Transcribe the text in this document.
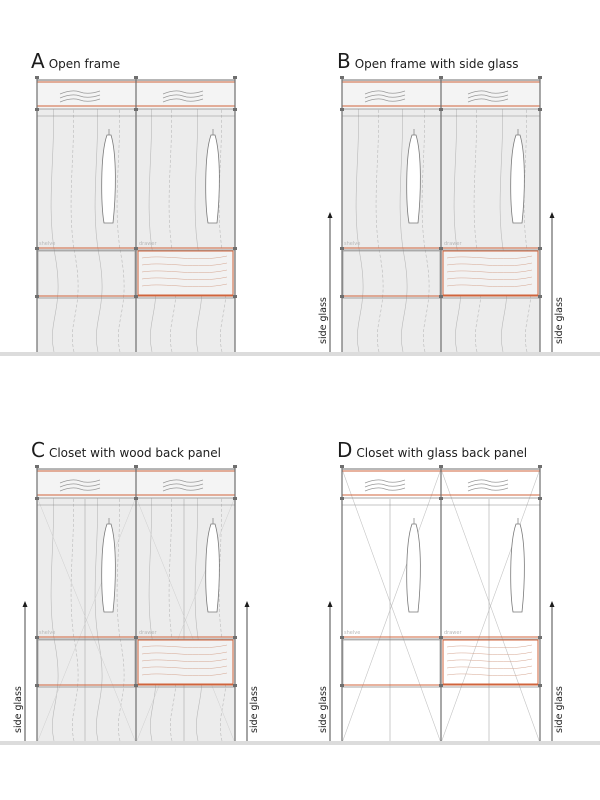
A Open frame	B Open frame with side glass
C Closet with wood back panel	D Closet with glass back panel
shelve	drawer	shelve	drawer
side glass	side glass
shelve	drawer
side glass	side glass
shelve	drawer
side glass	side glass
